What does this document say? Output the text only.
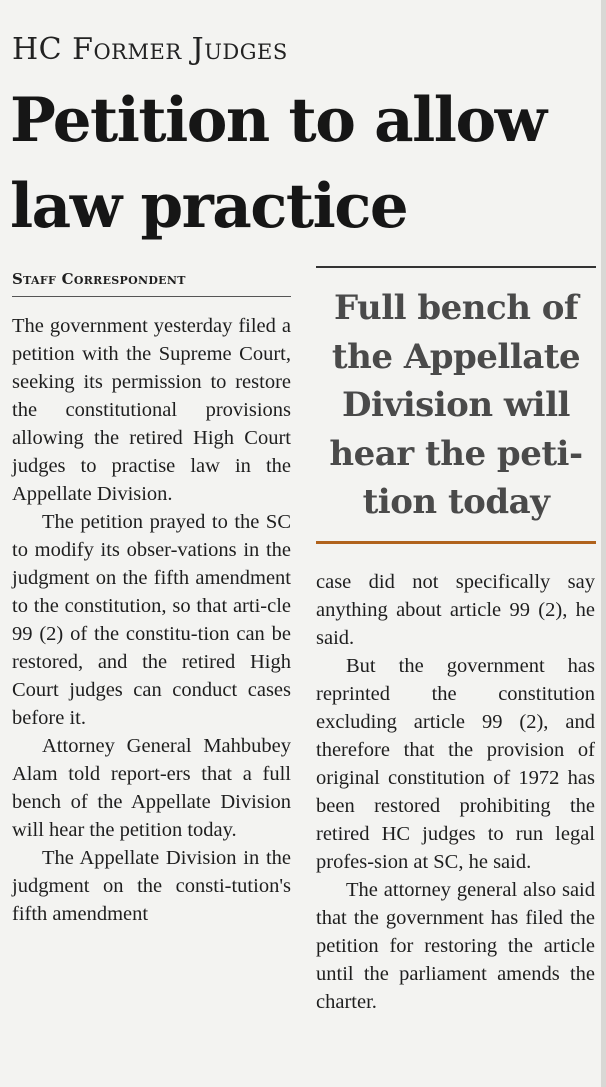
HC Former Judges
Petition to allow law practice
Staff Correspondent
Full bench of the Appellate Division will hear the peti-tion today

The government yesterday filed a petition with the Supreme Court, seeking its permission to restore the constitutional provisions allowing the retired High Court judges to practise law in the Appellate Division.

The petition prayed to the SC to modify its obser-vations in the judgment on the fifth amendment to the constitution, so that arti-cle 99 (2) of the constitu-tion can be restored, and the retired High Court judges can conduct cases before it.

Attorney General Mahbubey Alam told report-ers that a full bench of the Appellate Division will hear the petition today.

The Appellate Division in the judgment on the consti-tution's fifth amendment

case did not specifically say anything about article 99 (2), he said.

But the government has reprinted the constitution excluding article 99 (2), and therefore that the provision of original constitution of 1972 has been restored prohibiting the retired HC judges to run legal profes-sion at SC, he said.

The attorney general also said that the government has filed the petition for restoring the article until the parliament amends the charter.
